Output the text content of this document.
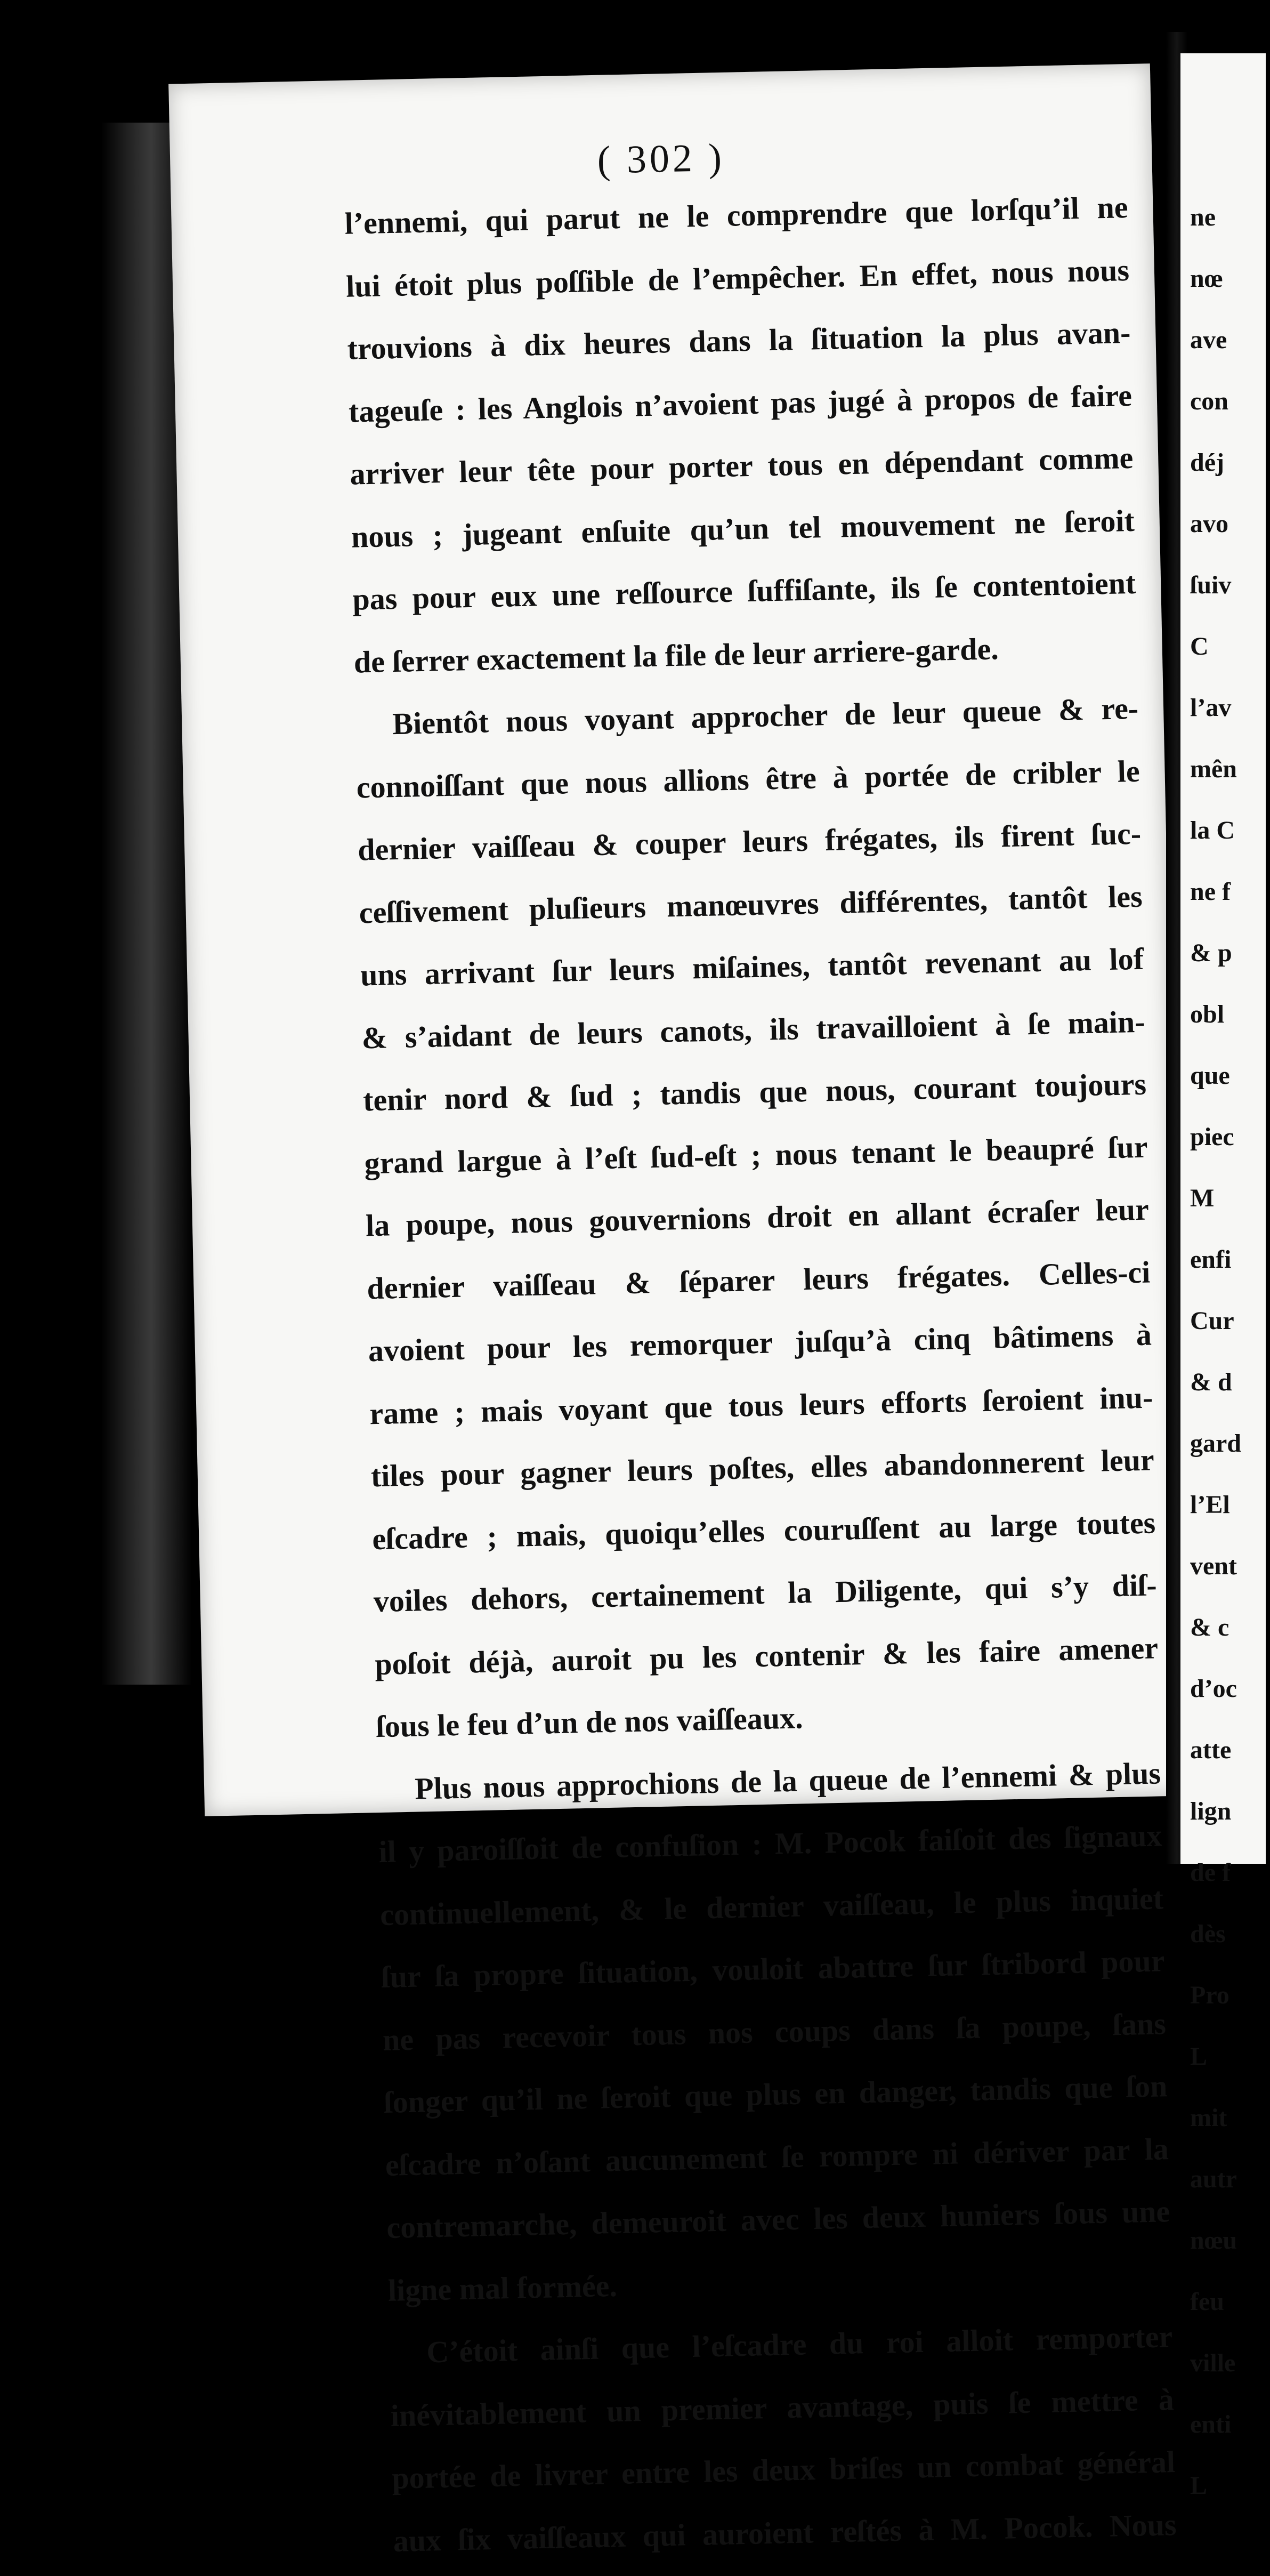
( 302 )
l’ennemi, qui parut ne le comprendre que lorſqu’il ne
lui étoit plus poſſible de l’empêcher. En effet, nous nous
trouvions à dix heures dans la ſituation la plus avan-
tageuſe : les Anglois n’avoient pas jugé à propos de faire
arriver leur tête pour porter tous en dépendant comme
nous ; jugeant enſuite qu’un tel mouvement ne ſeroit
pas pour eux une reſſource ſuffiſante, ils ſe contentoient
de ſerrer exactement la file de leur arriere-garde.
Bientôt nous voyant approcher de leur queue & re-
connoiſſant que nous allions être à portée de cribler le
dernier vaiſſeau & couper leurs frégates, ils firent ſuc-
ceſſivement pluſieurs manœuvres différentes, tantôt les
uns arrivant ſur leurs miſaines, tantôt revenant au lof
& s’aidant de leurs canots, ils travailloient à ſe main-
tenir nord & ſud ; tandis que nous, courant toujours
grand largue à l’eſt ſud-eſt ; nous tenant le beaupré ſur
la poupe, nous gouvernions droit en allant écraſer leur
dernier vaiſſeau & ſéparer leurs frégates. Celles-ci
avoient pour les remorquer juſqu’à cinq bâtimens à
rame ; mais voyant que tous leurs efforts ſeroient inu-
tiles pour gagner leurs poſtes, elles abandonnerent leur
eſcadre ; mais, quoiqu’elles couruſſent au large toutes
voiles dehors, certainement la Diligente, qui s’y diſ-
poſoit déjà, auroit pu les contenir & les faire amener
ſous le feu d’un de nos vaiſſeaux.
Plus nous approchions de la queue de l’ennemi & plus
il y paroiſſoit de confuſion : M. Pocok faiſoit des ſignaux
continuellement, & le dernier vaiſſeau, le plus inquiet
ſur ſa propre ſituation, vouloit abattre ſur ſtribord pour
ne pas recevoir tous nos coups dans ſa poupe, ſans
ſonger qu’il ne ſeroit que plus en danger, tandis que ſon
eſcadre n’oſant aucunement ſe rompre ni dériver par la
contremarche, demeuroit avec les deux huniers ſous une
ligne mal formée.
C’étoit ainſi que l’eſcadre du roi alloit remporter
inévitablement un premier avantage, puis ſe mettre à
portée de livrer entre les deux briſes un combat général
aux ſix vaiſſeaux qui auroient reſtés à M. Pocok. Nous
ne
nœ
ave
con
déj
avo
ſuiv
C
l’av
mên
la C
ne f
& p
obl
que
piec
M
enfi
Cur
& d
gard
l’El
vent
& c
d’oc
atte
lign
de f
dès
Pro
L
mit
autr
nœu
feu
ville
enti
L
